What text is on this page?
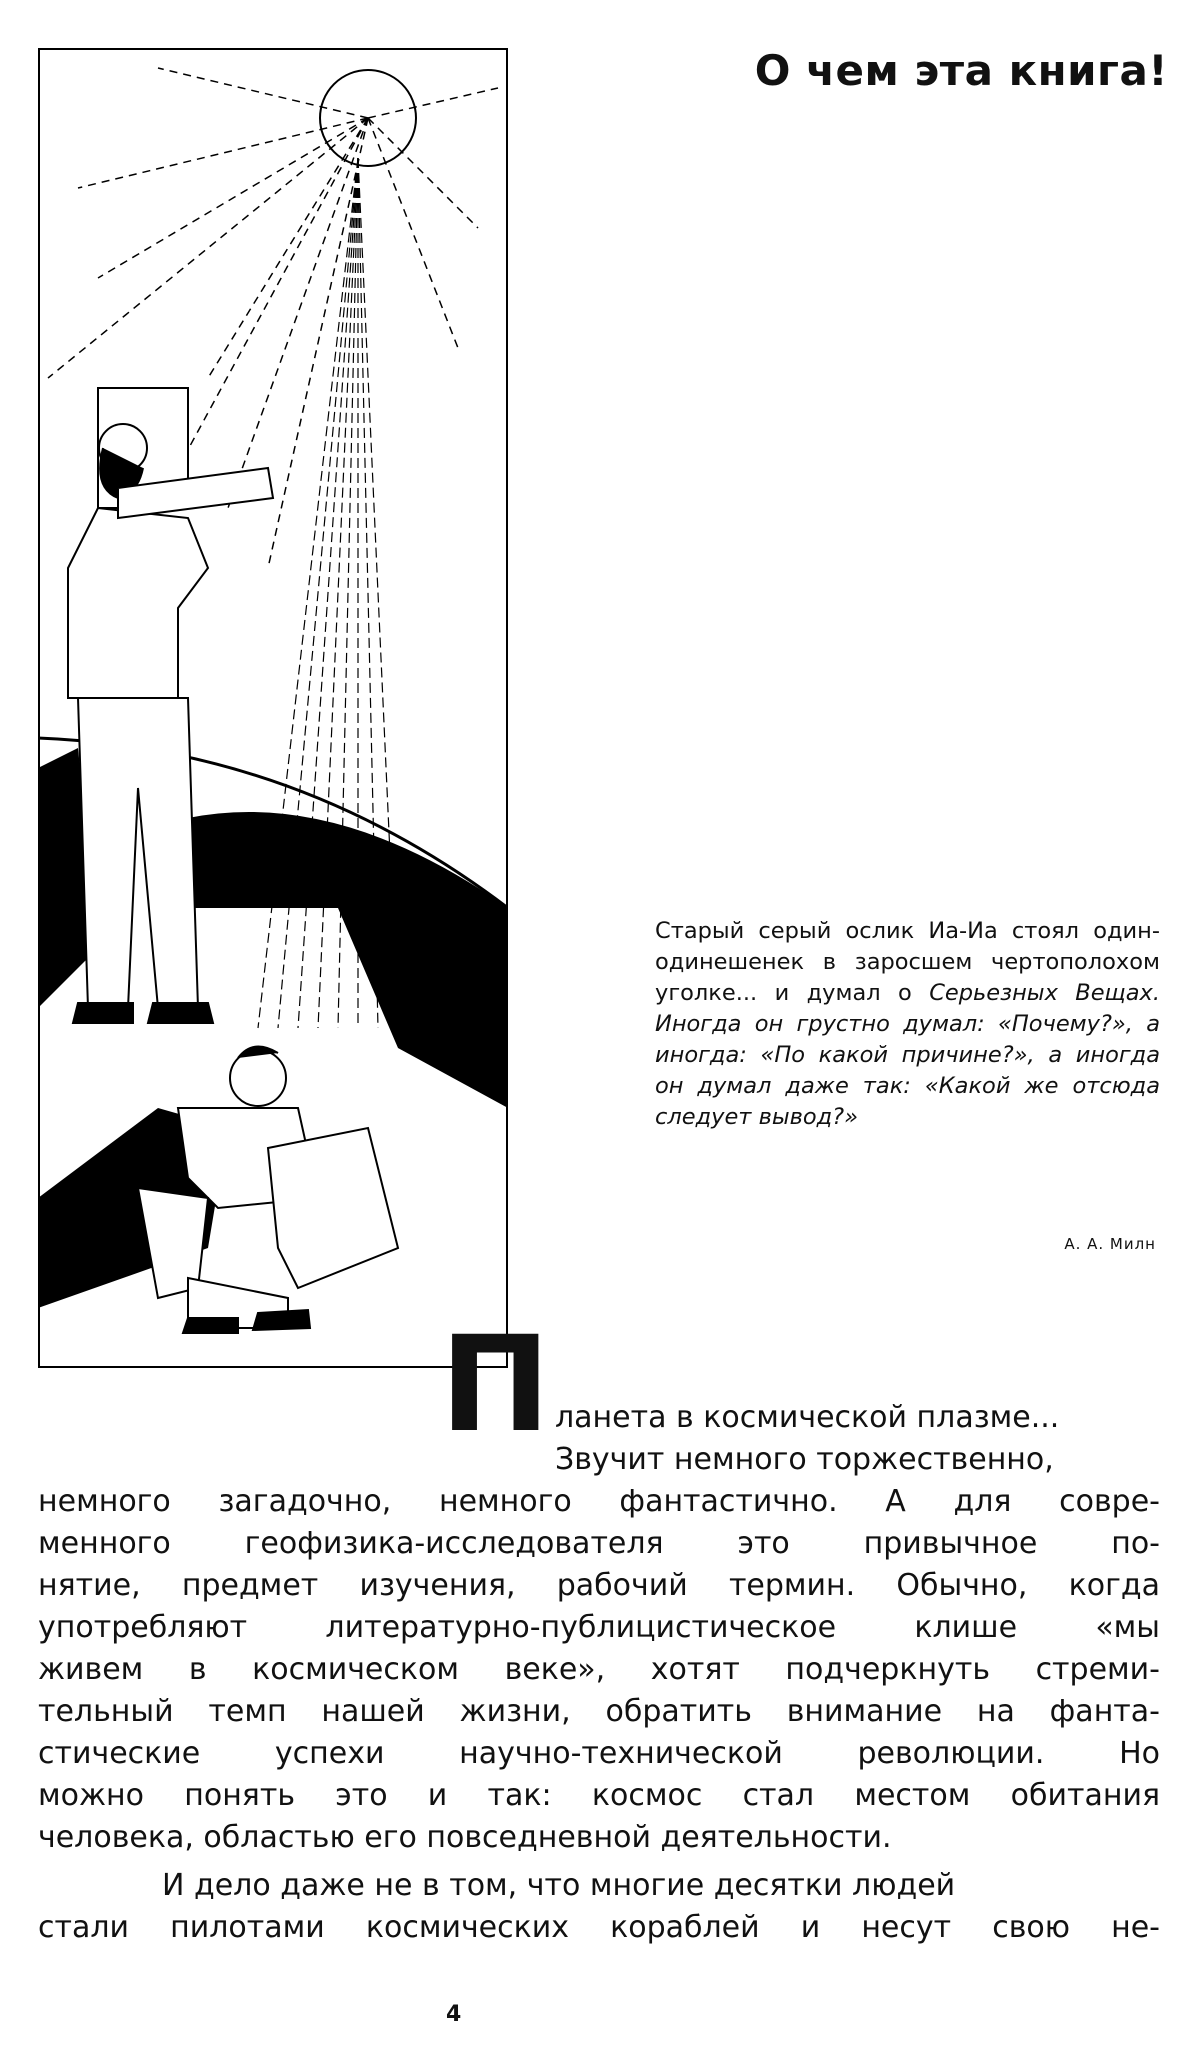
О чем эта книга!

Старый серый ослик Иа-Иа стоял один-одинешенек в заросшем чертополохом уголке... и думал о Серьезных Вещах. Иногда он грустно думал: «Почему?», а иногда: «По какой причине?», а иногда он думал даже так: «Какой же отсюда следует вывод?»

А. А. Милн
П ланета в космической плазме...
Звучит немного торжественно,
немного загадочно, немного фантастично. А для совре-
менного геофизика-исследователя это привычное по-
нятие, предмет изучения, рабочий термин. Обычно, когда
употребляют литературно-публицистическое клише «мы
живем в космическом веке», хотят подчеркнуть стреми-
тельный темп нашей жизни, обратить внимание на фанта-
стические успехи научно-технической революции. Но
можно понять это и так: космос стал местом обитания
человека, областью его повседневной деятельности.
И дело даже не в том, что многие десятки людей
стали пилотами космических кораблей и несут свою не-
4
